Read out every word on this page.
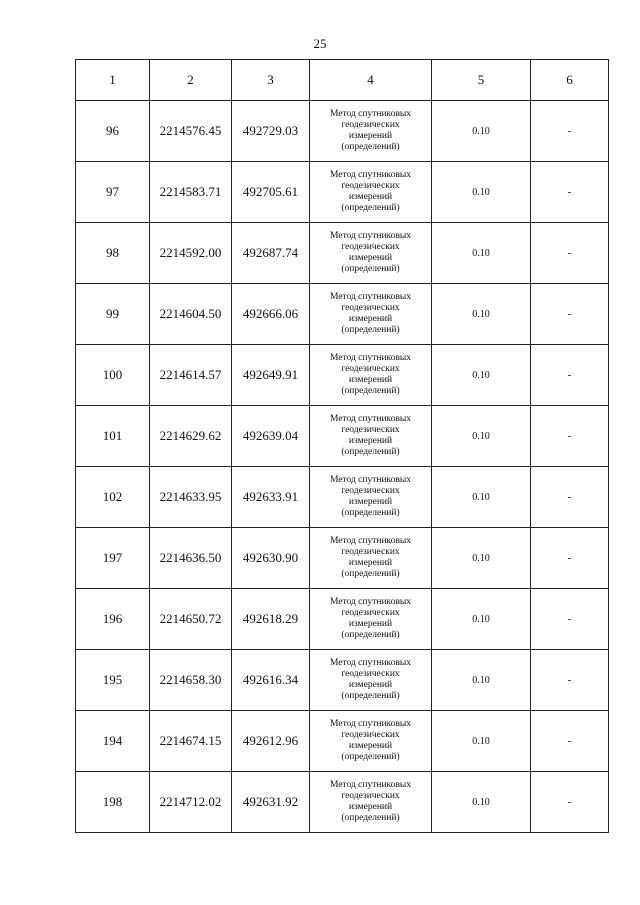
25
1	2	3	4	5	6
96	2214576.45	492729.03	Метод спутниковых
геодезических
измерений
(определений)	0.10	-
97	2214583.71	492705.61	Метод спутниковых
геодезических
измерений
(определений)	0.10	-
98	2214592.00	492687.74	Метод спутниковых
геодезических
измерений
(определений)	0.10	-
99	2214604.50	492666.06	Метод спутниковых
геодезических
измерений
(определений)	0.10	-
100	2214614.57	492649.91	Метод спутниковых
геодезических
измерений
(определений)	0.10	-
101	2214629.62	492639.04	Метод спутниковых
геодезических
измерений
(определений)	0.10	-
102	2214633.95	492633.91	Метод спутниковых
геодезических
измерений
(определений)	0.10	-
197	2214636.50	492630.90	Метод спутниковых
геодезических
измерений
(определений)	0.10	-
196	2214650.72	492618.29	Метод спутниковых
геодезических
измерений
(определений)	0.10	-
195	2214658.30	492616.34	Метод спутниковых
геодезических
измерений
(определений)	0.10	-
194	2214674.15	492612.96	Метод спутниковых
геодезических
измерений
(определений)	0.10	-
198	2214712.02	492631.92	Метод спутниковых
геодезических
измерений
(определений)	0.10	-
